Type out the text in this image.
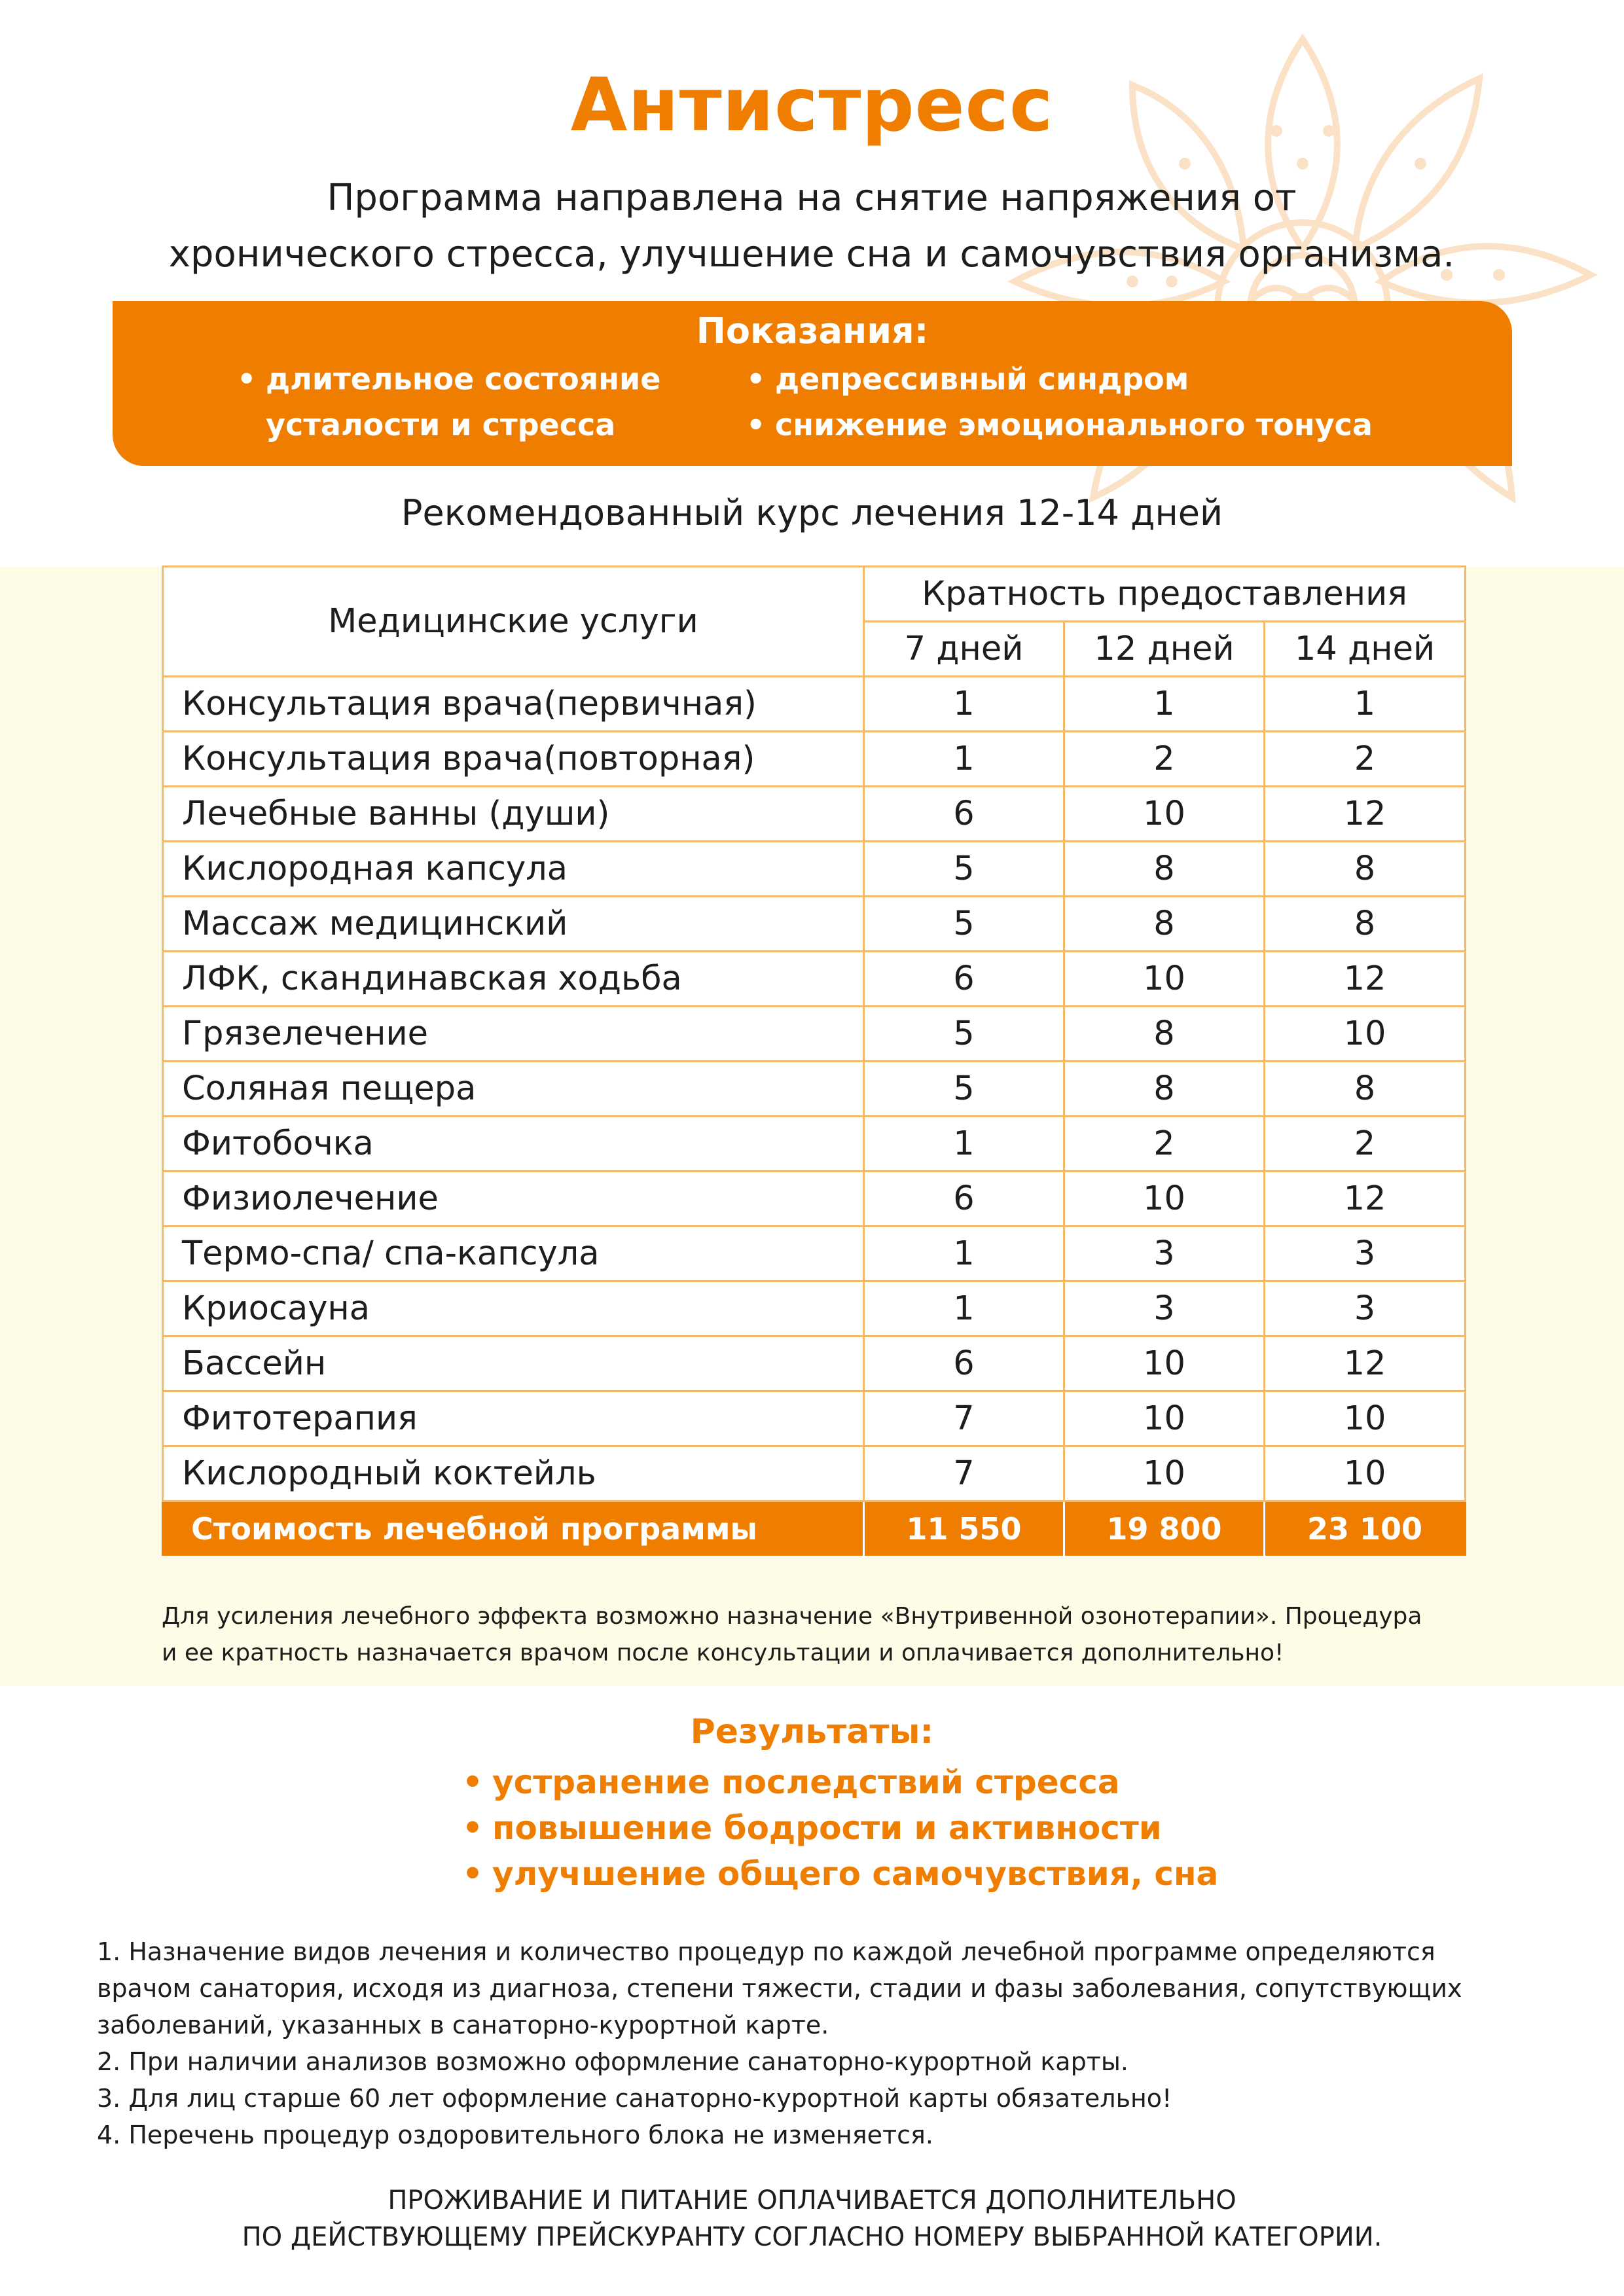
Антистресс
Программа направлена на снятие напряжения от
хронического стресса, улучшение сна и самочувствия организма.
Показания:
• длительное состояние
усталости и стресса
• депрессивный синдром
• снижение эмоционального тонуса
Рекомендованный курс лечения 12-14 дней
Медицинские услуги	Кратность предоставления		
	7 дней	12 дней	14 дней
Консультация врача(первичная)	1	1	1
Консультация врача(повторная)	1	2	2
Лечебные ванны (души)	6	10	12
Кислородная капсула	5	8	8
Массаж медицинский	5	8	8
ЛФК, скандинавская ходьба	6	10	12
Грязелечение	5	8	10
Соляная пещера	5	8	8
Фитобочка	1	2	2
Физиолечение	6	10	12
Термо-спа/ спа-капсула	1	3	3
Криосауна	1	3	3
Бассейн	6	10	12
Фитотерапия	7	10	10
Кислородный коктейль	7	10	10
Стоимость лечебной программы	11 550	19 800	23 100
Для усиления лечебного эффекта возможно назначение «Внутривенной озонотерапии». Процедура
и ее кратность назначается врачом после консультации и оплачивается дополнительно!
Результаты:
• устранение последствий стресса
• повышение бодрости и активности
• улучшение общего самочувствия, сна
1. Назначение видов лечения и количество процедур по каждой лечебной программе определяются
врачом санатория, исходя из диагноза, степени тяжести, стадии и фазы заболевания, сопутствующих
заболеваний, указанных в санаторно-курортной карте.
2. При наличии анализов возможно оформление санаторно-курортной карты.
3. Для лиц старше 60 лет оформление санаторно-курортной карты обязательно!
4. Перечень процедур оздоровительного блока не изменяется.
ПРОЖИВАНИЕ И ПИТАНИЕ ОПЛАЧИВАЕТСЯ ДОПОЛНИТЕЛЬНО
ПО ДЕЙСТВУЮЩЕМУ ПРЕЙСКУРАНТУ СОГЛАСНО НОМЕРУ ВЫБРАННОЙ КАТЕГОРИИ.
